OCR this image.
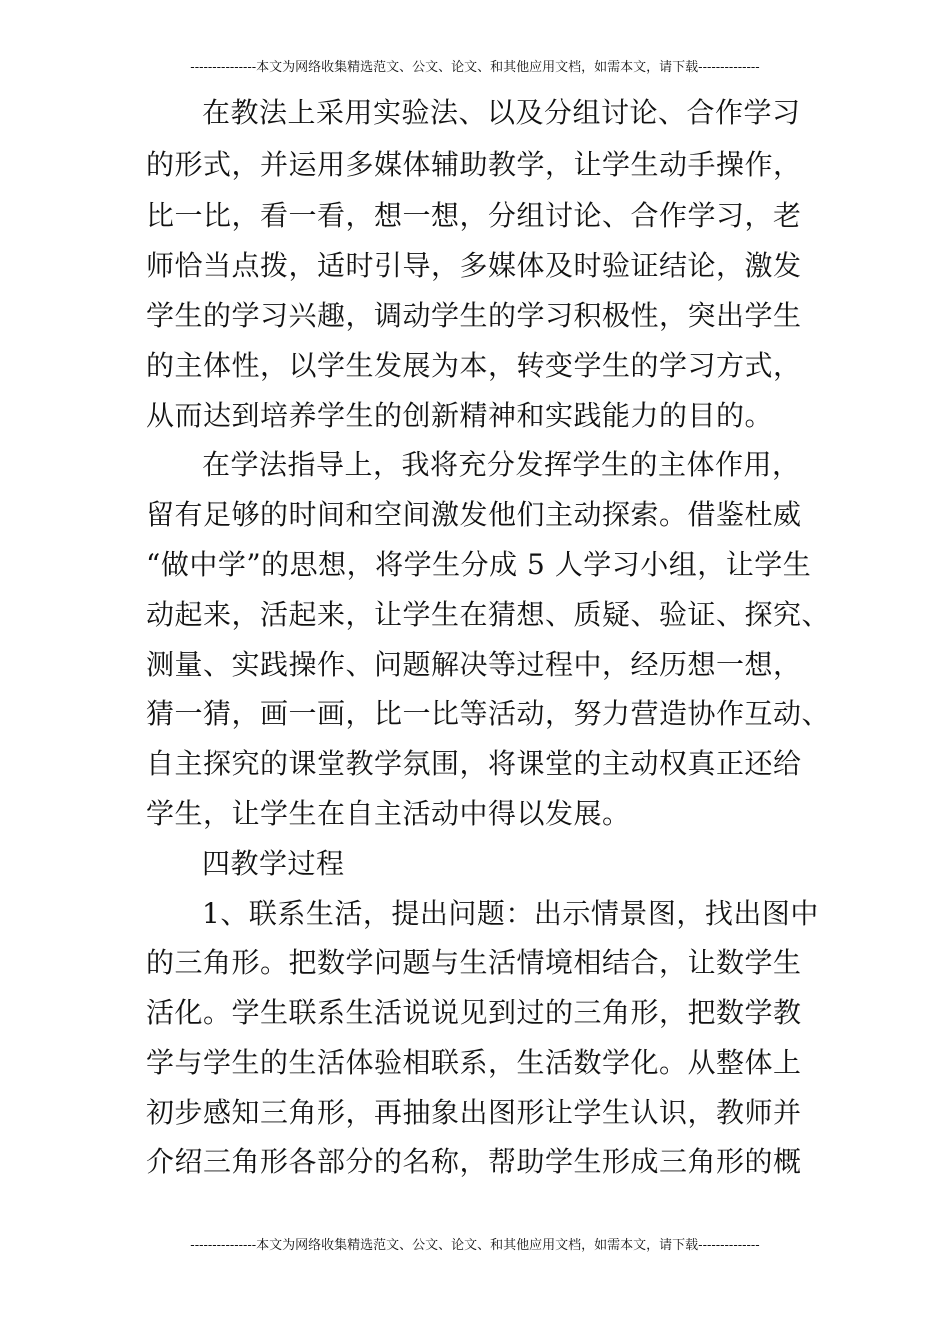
---------------本文为网络收集精选范文、公文、论文、和其他应用文档，如需本文，请下载--------------
在教法上采用实验法、以及分组讨论、合作学习
的形式，并运用多媒体辅助教学，让学生动手操作，
比一比，看一看，想一想，分组讨论、合作学习，老
师恰当点拨，适时引导，多媒体及时验证结论，激发
学生的学习兴趣，调动学生的学习积极性，突出学生
的主体性，以学生发展为本，转变学生的学习方式，
从而达到培养学生的创新精神和实践能力的目的。
在学法指导上，我将充分发挥学生的主体作用，
留有足够的时间和空间激发他们主动探索。借鉴杜威
“做中学”的思想，将学生分成 5 人学习小组，让学生
动起来，活起来，让学生在猜想、质疑、验证、探究、
测量、实践操作、问题解决等过程中，经历想一想，
猜一猜，画一画，比一比等活动，努力营造协作互动、
自主探究的课堂教学氛围，将课堂的主动权真正还给
学生，让学生在自主活动中得以发展。
四教学过程
1、联系生活，提出问题：出示情景图，找出图中
的三角形。把数学问题与生活情境相结合，让数学生
活化。学生联系生活说说见到过的三角形，把数学教
学与学生的生活体验相联系，生活数学化。从整体上
初步感知三角形，再抽象出图形让学生认识，教师并
介绍三角形各部分的名称，帮助学生形成三角形的概
---------------本文为网络收集精选范文、公文、论文、和其他应用文档，如需本文，请下载--------------
